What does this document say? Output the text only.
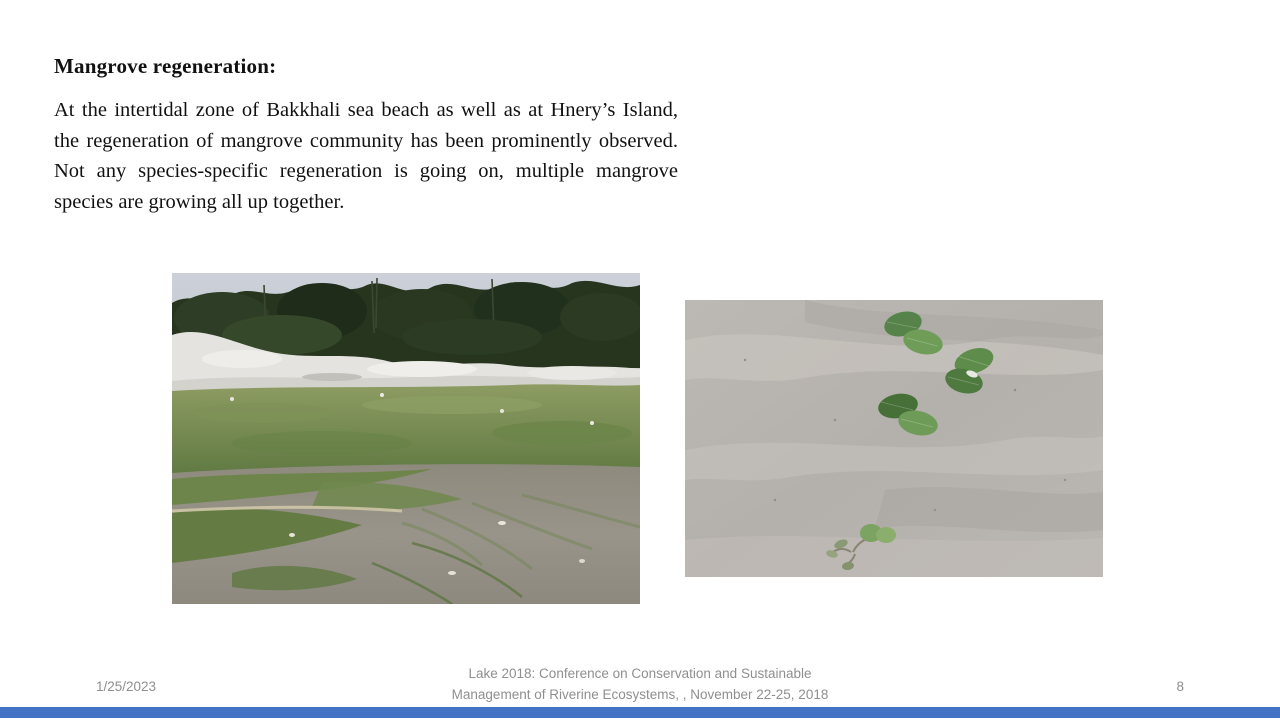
Mangrove regeneration:

At the intertidal zone of Bakkhali sea beach as well as at Hnery’s Island, the regeneration of mangrove community has been prominently observed. Not any species-specific regeneration is going on, multiple mangrove species are growing all up together.

1/25/2023
Lake 2018: Conference on Conservation and Sustainable
Management of Riverine Ecosystems, , November 22-25, 2018	8
